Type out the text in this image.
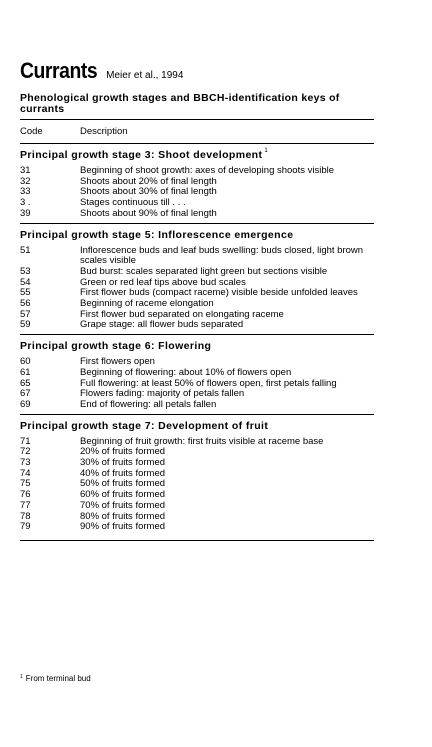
Currants Meier et al., 1994
Phenological growth stages and BBCH-identification keys of currants
Code	Description
Principal growth stage 3: Shoot development $^1$
31	Beginning of shoot growth: axes of developing shoots visible
32	Shoots about 20% of final length
33	Shoots about 30% of final length
3 .	Stages continuous till . . .
39	Shoots about 90% of final length
Principal growth stage 5: Inflorescence emergence
51	Inflorescence buds and leaf buds swelling: buds closed, light brown scales visible
53	Bud burst: scales separated light green but sections visible
54	Green or red leaf tips above bud scales
55	First flower buds (compact raceme) visible beside unfolded leaves
56	Beginning of raceme elongation
57	First flower bud separated on elongating raceme
59	Grape stage: all flower buds separated
Principal growth stage 6: Flowering
60	First flowers open
61	Beginning of flowering: about 10% of flowers open
65	Full flowering: at least 50% of flowers open, first petals falling
67	Flowers fading: majority of petals fallen
69	End of flowering: all petals fallen
Principal growth stage 7: Development of fruit
71	Beginning of fruit growth: first fruits visible at raceme base
72	20% of fruits formed
73	30% of fruits formed
74	40% of fruits formed
75	50% of fruits formed
76	60% of fruits formed
77	70% of fruits formed
78	80% of fruits formed
79	90% of fruits formed
$^1$ From terminal bud
